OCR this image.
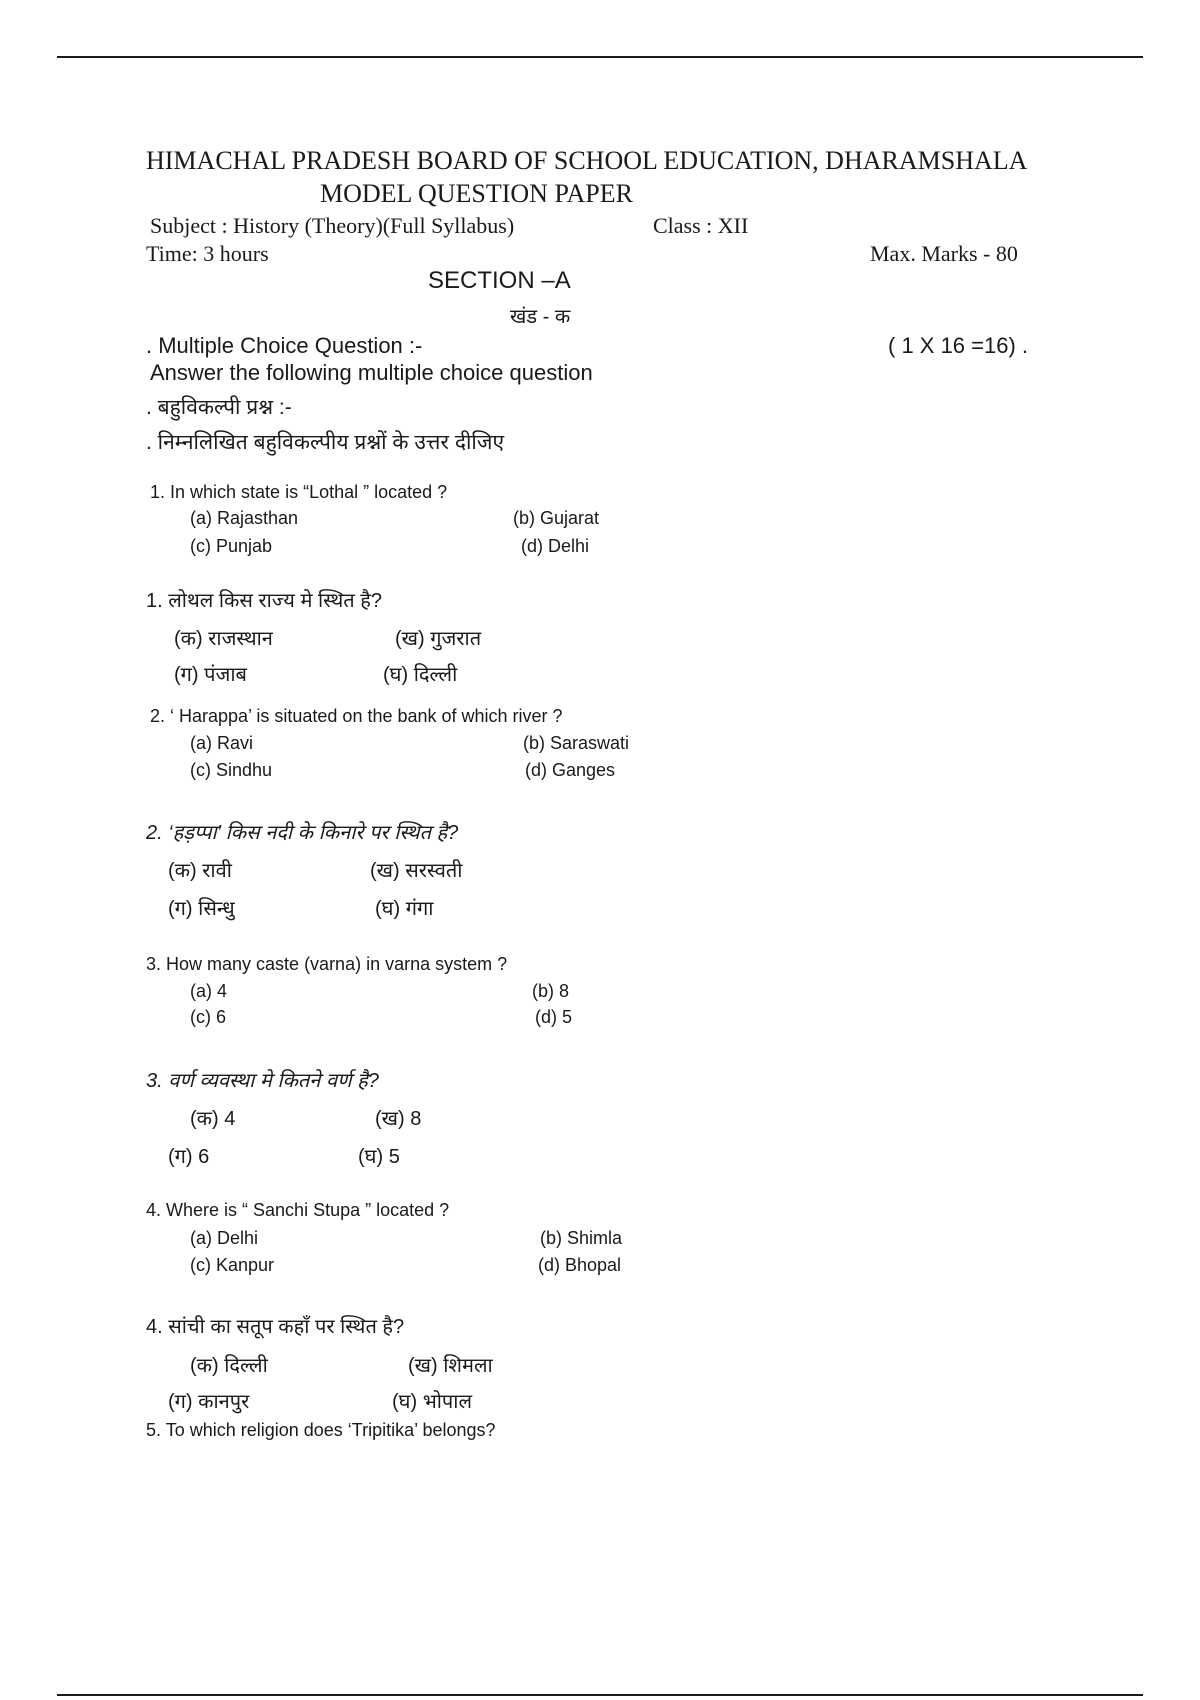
HIMACHAL PRADESH BOARD OF SCHOOL EDUCATION, DHARAMSHALA
MODEL QUESTION PAPER
Subject : History (Theory)(Full Syllabus)	Class : XII
Time: 3 hours	Max. Marks - 80
SECTION –A
खंड - क
. Multiple Choice Question :-	( 1 X 16 =16) .
Answer the following multiple choice question
. बहुविकल्पी प्रश्न :-
. निम्नलिखित बहुविकल्पीय प्रश्नों के उत्तर दीजिए
1. In which state is “Lothal ” located ?
(a) Rajasthan	(b) Gujarat
(c) Punjab	(d) Delhi
1. लोथल किस राज्य मे स्थित है?
(क) राजस्थान	(ख) गुजरात
(ग) पंजाब	(घ) दिल्ली
2. ‘ Harappa’ is situated on the bank of which river ?
(a) Ravi	(b) Saraswati
(c) Sindhu	(d) Ganges
2. ‘हड़प्पा’ किस नदी के किनारे पर स्थित है?
(क) रावी	(ख) सरस्वती
(ग) सिन्धु	(घ) गंगा
3. How many caste (varna) in varna system ?
(a) 4	(b) 8
(c) 6	(d) 5
3. वर्ण व्यवस्था मे कितने वर्ण है?
(क) 4	(ख) 8
(ग) 6	(घ) 5
4. Where is “ Sanchi Stupa ” located ?
(a) Delhi	(b) Shimla
(c) Kanpur	(d) Bhopal
4. सांची का सतूप कहाँ पर स्थित है?
(क) दिल्ली	(ख) शिमला
(ग) कानपुर	(घ) भोपाल
5. To which religion does ‘Tripitika’ belongs?
